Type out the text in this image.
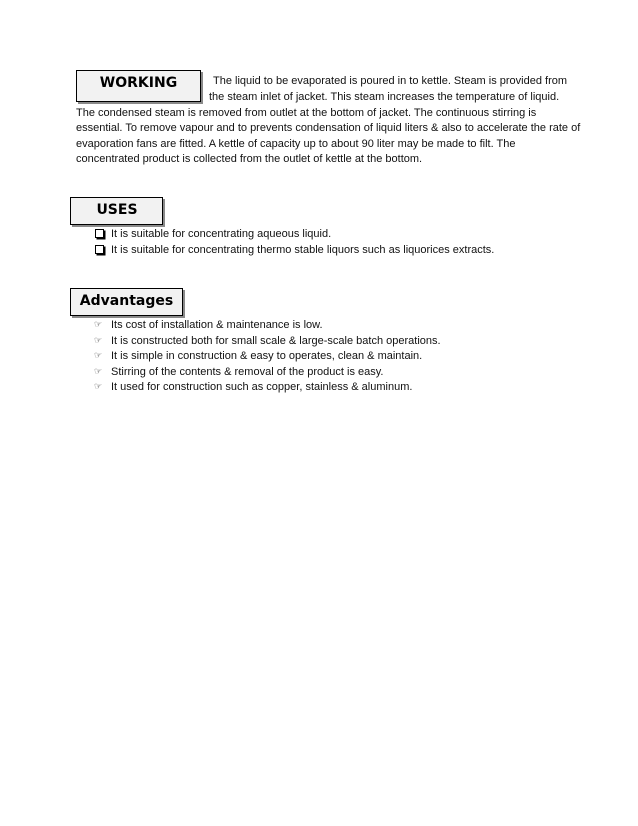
WORKING	The liquid to be evaporated is poured in to kettle. Steam is provided from
the steam inlet of jacket. This steam increases the temperature of liquid.
The condensed steam is removed from outlet at the bottom of jacket. The continuous stirring is
essential. To remove vapour and to prevents condensation of liquid liters & also to accelerate the rate of
evaporation fans are fitted. A kettle of capacity up to about 90 liter may be made to filt. The
concentrated product is collected from the outlet of kettle at the bottom.
USES
It is suitable for concentrating aqueous liquid.
It is suitable for concentrating thermo stable liquors such as liquorices extracts.
Advantages
☞ Its cost of installation & maintenance is low.
☞ It is constructed both for small scale & large-scale batch operations.
☞ It is simple in construction & easy to operates, clean & maintain.
☞ Stirring of the contents & removal of the product is easy.
☞ It used for construction such as copper, stainless & aluminum.
